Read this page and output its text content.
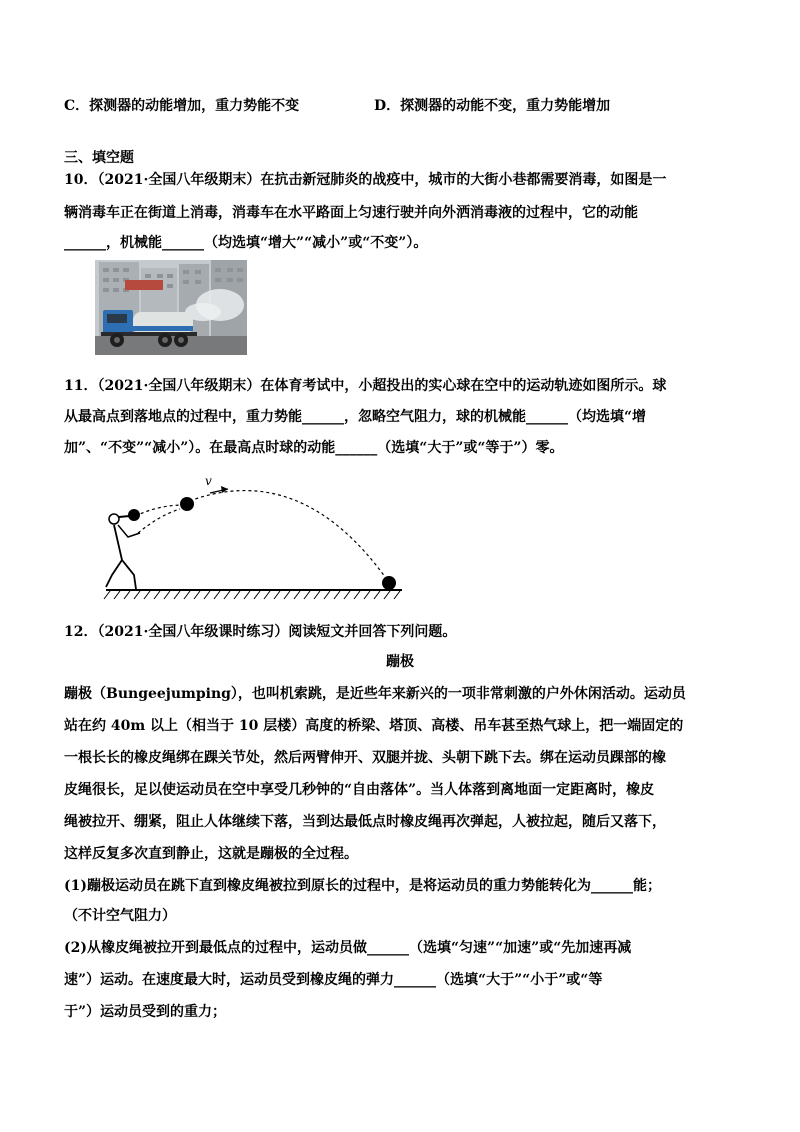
C．探测器的动能增加，重力势能不变	D．探测器的动能不变，重力势能增加
三、填空题
10．（2021·全国八年级期末）在抗击新冠肺炎的战疫中，城市的大街小巷都需要消毒，如图是一
辆消毒车正在街道上消毒，消毒车在水平路面上匀速行驶并向外洒消毒液的过程中，它的动能
______，机械能______（均选填“增大”“减小”或“不变”）。
11．（2021·全国八年级期末）在体育考试中，小超投出的实心球在空中的运动轨迹如图所示。球
从最高点到落地点的过程中，重力势能______，忽略空气阻力，球的机械能______（均选填“增
加”、“不变”“减小”）。在最高点时球的动能______（选填“大于”或“等于”）零。
v
12．（2021·全国八年级课时练习）阅读短文并回答下列问题。
蹦极
蹦极（Bungeejumping），也叫机索跳，是近些年来新兴的一项非常刺激的户外休闲活动。运动员
站在约 40m 以上（相当于 10 层楼）高度的桥梁、塔顶、高楼、吊车甚至热气球上，把一端固定的
一根长长的橡皮绳绑在踝关节处，然后两臂伸开、双腿并拢、头朝下跳下去。绑在运动员踝部的橡
皮绳很长，足以使运动员在空中享受几秒钟的“自由落体”。当人体落到离地面一定距离时，橡皮
绳被拉开、绷紧，阻止人体继续下落，当到达最低点时橡皮绳再次弹起，人被拉起，随后又落下，
这样反复多次直到静止，这就是蹦极的全过程。
(1)蹦极运动员在跳下直到橡皮绳被拉到原长的过程中，是将运动员的重力势能转化为______能；
（不计空气阻力）
(2)从橡皮绳被拉开到最低点的过程中，运动员做______（选填“匀速”“加速”或“先加速再减
速”）运动。在速度最大时，运动员受到橡皮绳的弹力______（选填“大于”“小于”或“等
于”）运动员受到的重力；
